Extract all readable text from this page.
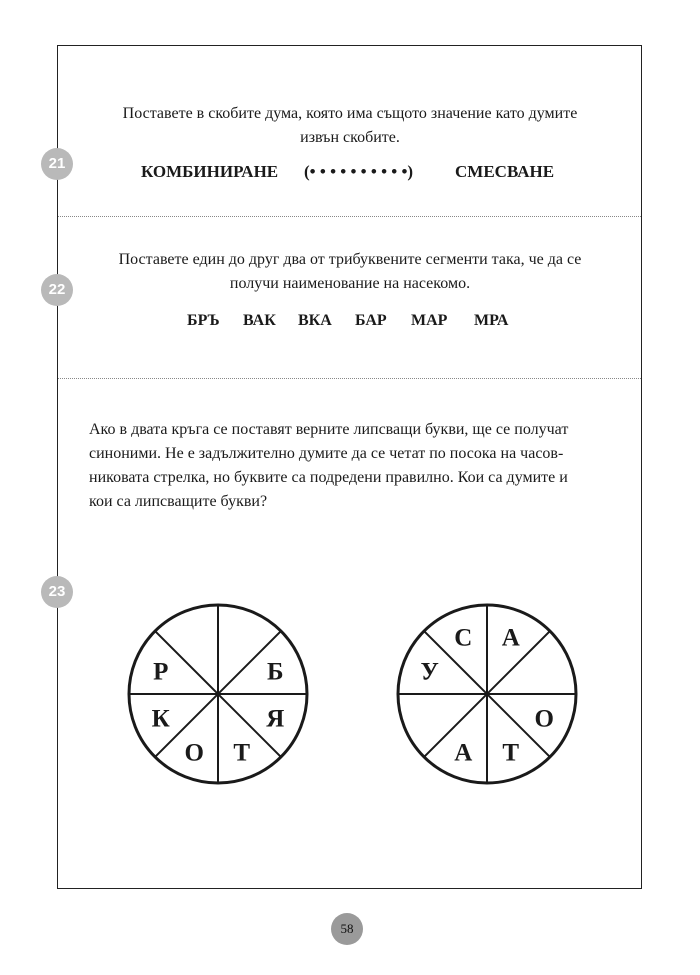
21
Поставете в скобите дума, която има същото значение като думите
извън скобите.
КОМБИНИРАНЕ (• • • • • • • • • •) СМЕСВАНЕ
22
Поставете един до друг два от трибуквените сегменти така, че да се
получи наименование на насекомо.
БРЪ ВАК ВКА БАР МАР МРА
Ако в двата кръга се поставят верните липсващи букви, ще се получат
синоними. Не е задължително думите да се четат по посока на часов-
никовата стрелка, но буквите са подредени правилно. Кои са думите и
кои са липсващите букви?
23
Б
Я
Т
О
К
Р
А
О
Т
А
У
С
58
